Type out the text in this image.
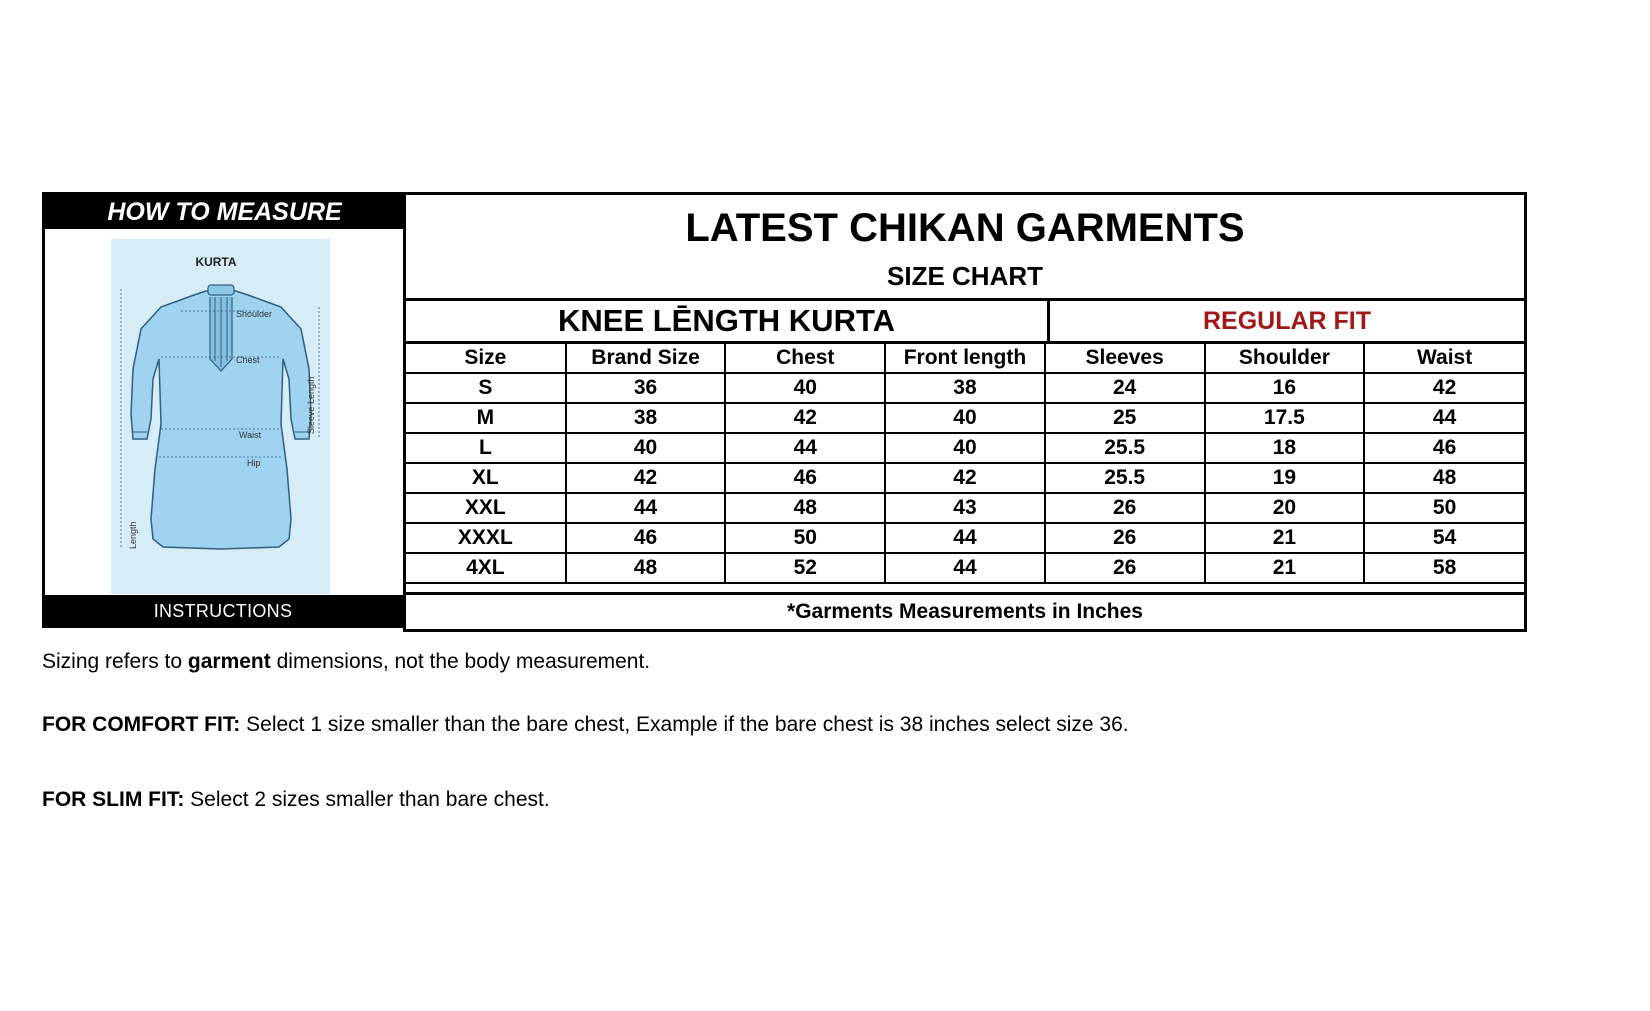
HOW TO MEASURE
KURTA
Shoulder
Chest
Waist
Hip
Length
Sleeve Length
INSTRUCTIONS
LATEST CHIKAN GARMENTS
SIZE CHART
KNEE LĒNGTH KURTA	REGULAR FIT
Size	Brand Size	Chest	Front length	Sleeves	Shoulder	Waist
S	36	40	38	24	16	42
M	38	42	40	25	17.5	44
L	40	44	40	25.5	18	46
XL	42	46	42	25.5	19	48
XXL	44	48	43	26	20	50
XXXL	46	50	44	26	21	54
4XL	48	52	44	26	21	58
*Garments Measurements in Inches
Sizing refers to garment dimensions, not the body measurement.
FOR COMFORT FIT: Select 1 size smaller than the bare chest, Example if the bare chest is 38 inches select size 36.
FOR SLIM FIT: Select 2 sizes smaller than bare chest.
